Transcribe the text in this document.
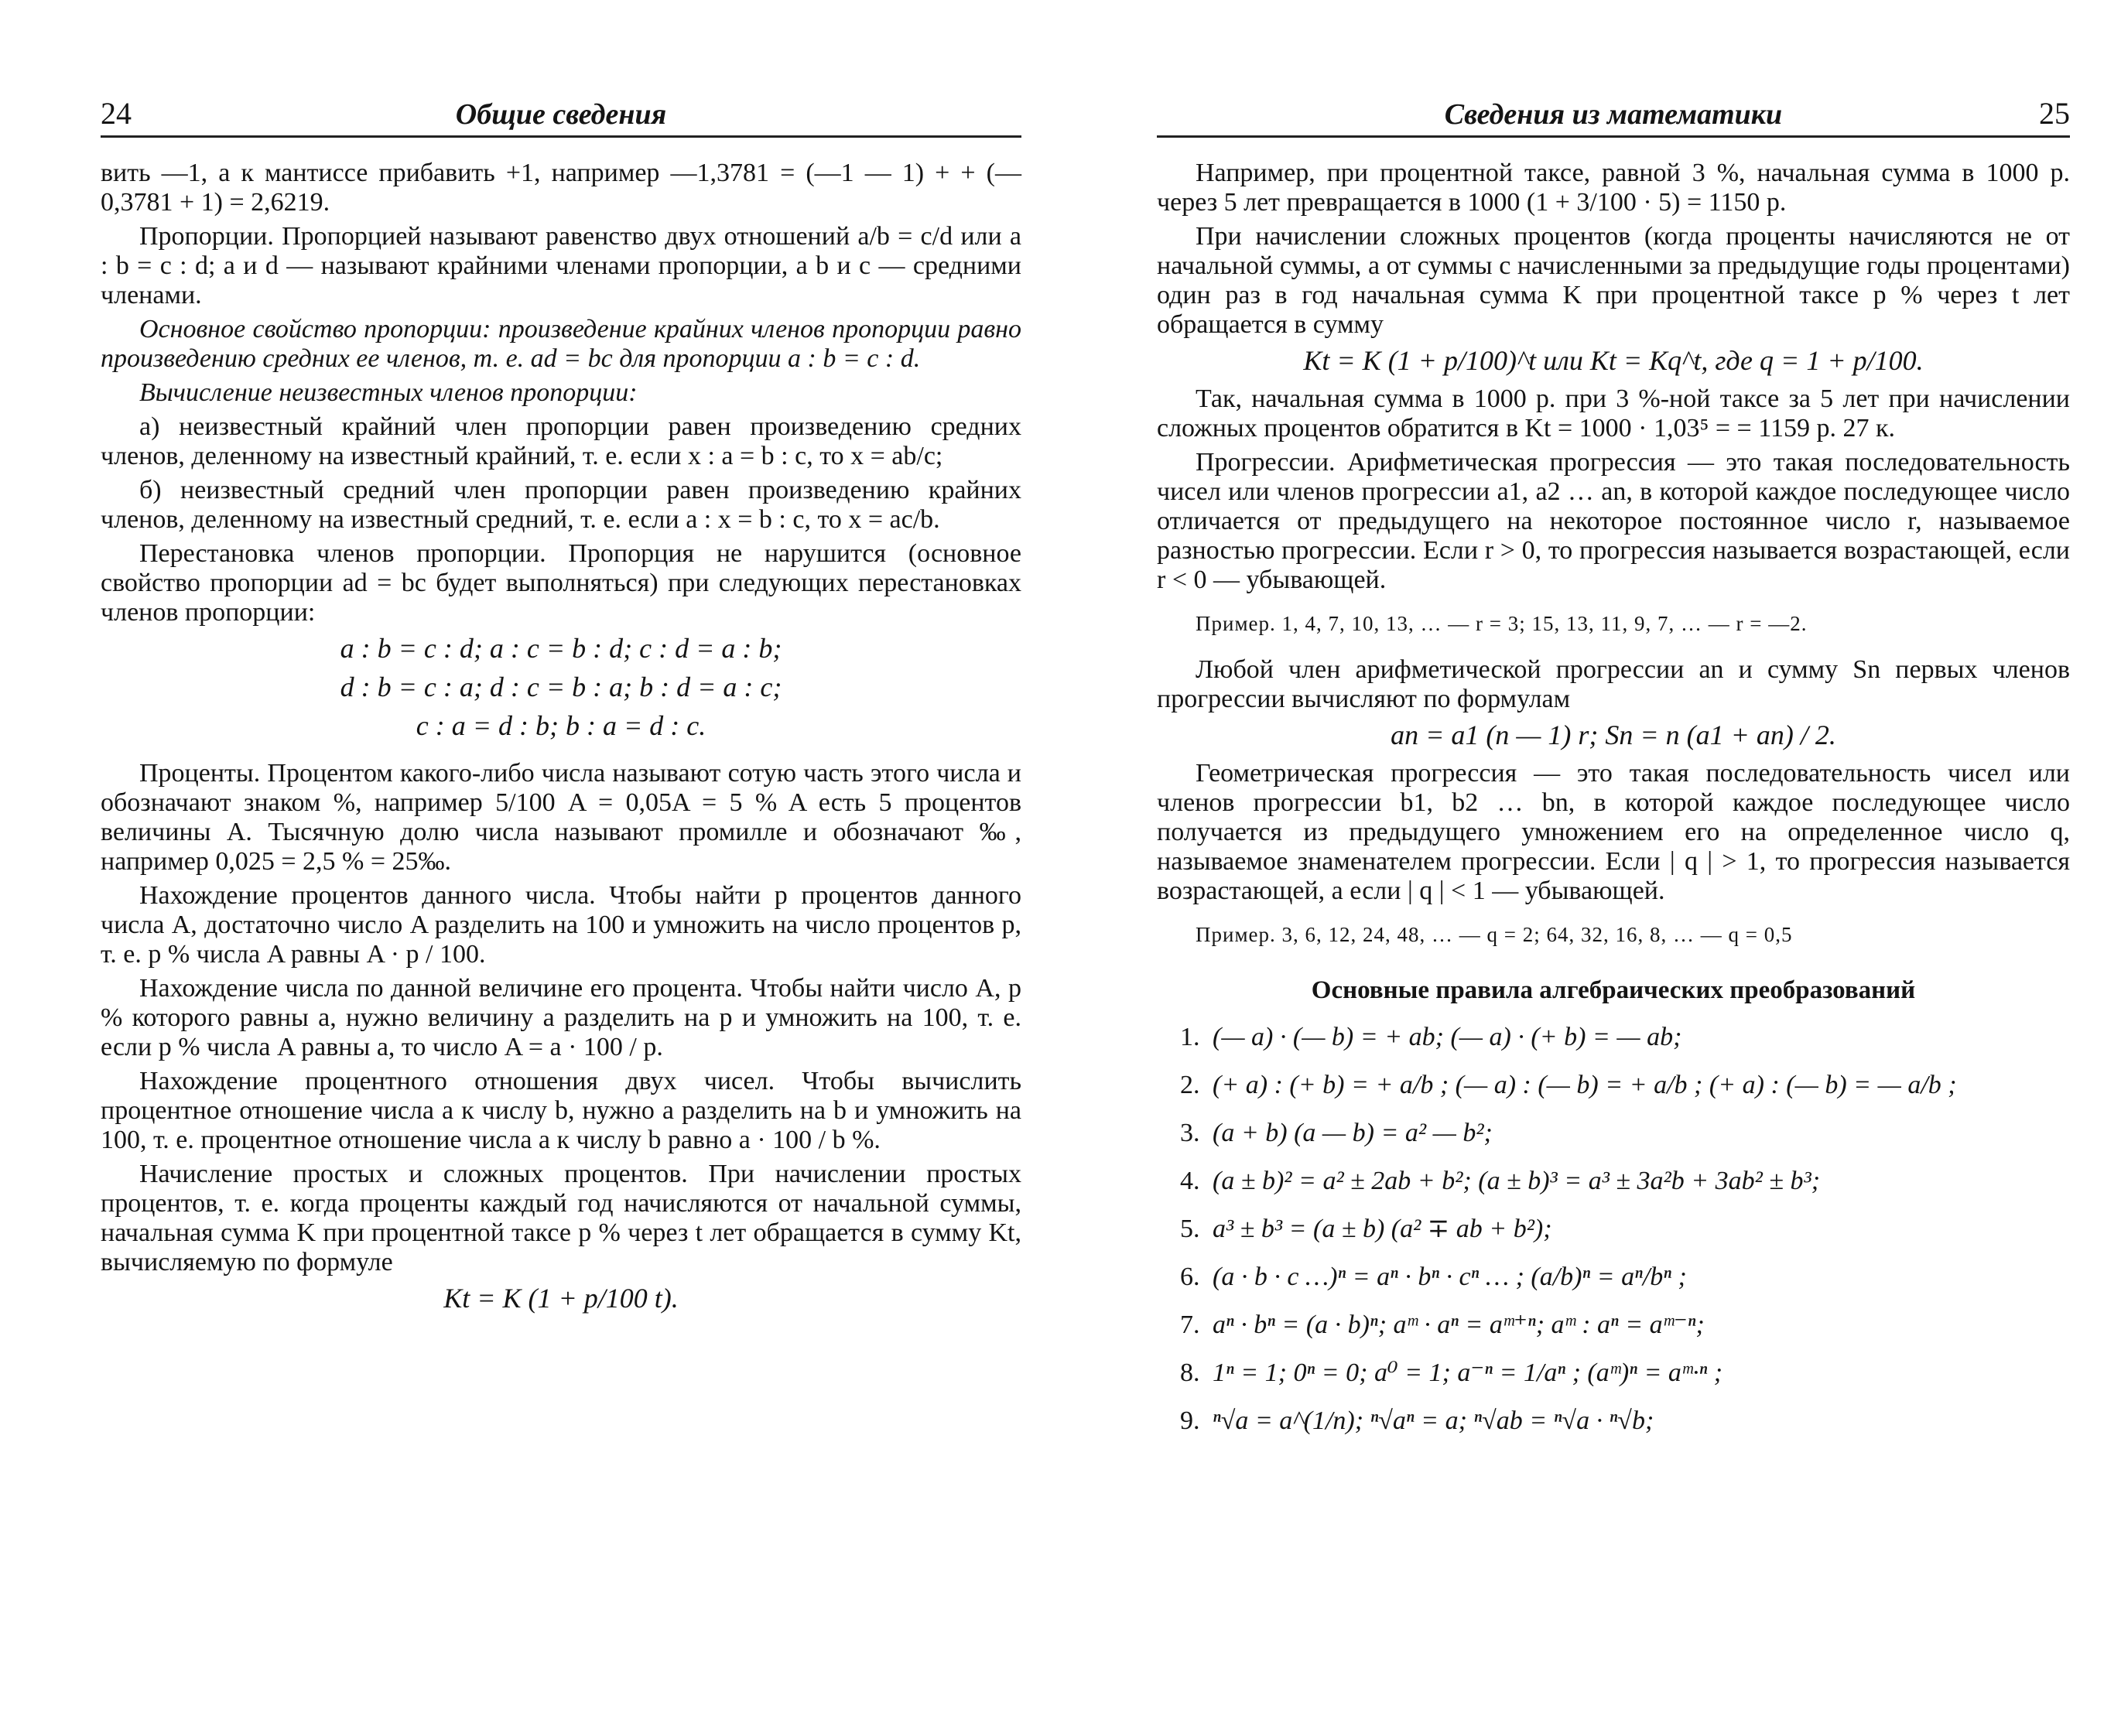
24	Общие сведения

вить —1, а к мантиссе прибавить +1, например —1,3781 = (—1 — 1) + + (—0,3781 + 1) = 2,6219.

Пропорции. Пропорцией называют равенство двух отношений a/b = c/d или a : b = c : d; a и d — называют крайними членами пропорции, a b и c — средними членами.

Основное свойство пропорции: произведение крайних членов пропорции равно произведению средних ее членов, т. е. ad = bc для пропорции a : b = c : d.

Вычисление неизвестных членов пропорции:

а) неизвестный крайний член пропорции равен произведению средних членов, деленному на известный крайний, т. е. если x : a = b : c, то x = ab/c;

б) неизвестный средний член пропорции равен произведению крайних членов, деленному на известный средний, т. е. если a : x = b : c, то x = ac/b.

Перестановка членов пропорции. Пропорция не нарушится (основное свойство пропорции ad = bc будет выполняться) при следующих перестановках членов пропорции:

a : b = c : d; a : c = b : d; c : d = a : b;
d : b = c : a; d : c = b : a; b : d = a : c;
c : a = d : b; b : a = d : c.

Проценты. Процентом какого-либо числа называют сотую часть этого числа и обозначают знаком %, например 5/100 A = 0,05A = 5 % A есть 5 процентов величины A. Тысячную долю числа называют промилле и обозначают ‰, например 0,025 = 2,5 % = 25‰.

Нахождение процентов данного числа. Чтобы найти p процентов данного числа A, достаточно число A разделить на 100 и умножить на число процентов p, т. е. p % числа A равны A · p / 100.

Нахождение числа по данной величине его процента. Чтобы найти число A, p % которого равны a, нужно величину a разделить на p и умножить на 100, т. е. если p % числа A равны a, то число A = a · 100 / p.

Нахождение процентного отношения двух чисел. Чтобы вычислить процентное отношение числа a к числу b, нужно a разделить на b и умножить на 100, т. е. процентное отношение числа a к числу b равно a · 100 / b %.

Начисление простых и сложных процентов. При начислении простых процентов, т. е. когда проценты каждый год начисляются от начальной суммы, начальная сумма K при процентной таксе p % через t лет обращается в сумму Kt, вычисляемую по формуле

Kt = K (1 + p/100 t).
Сведения из математики	25

Например, при процентной таксе, равной 3 %, начальная сумма в 1000 р. через 5 лет превращается в 1000 (1 + 3/100 · 5) = 1150 р.

При начислении сложных процентов (когда проценты начисляются не от начальной суммы, а от суммы с начисленными за предыдущие годы процентами) один раз в год начальная сумма K при процентной таксе p % через t лет обращается в сумму

Kt = K (1 + p/100)^t или Kt = Kq^t, где q = 1 + p/100.

Так, начальная сумма в 1000 р. при 3 %-ной таксе за 5 лет при начислении сложных процентов обратится в Kt = 1000 · 1,03⁵ = = 1159 р. 27 к.

Прогрессии. Арифметическая прогрессия — это такая последовательность чисел или членов прогрессии a1, a2 … an, в которой каждое последующее число отличается от предыдущего на некоторое постоянное число r, называемое разностью прогрессии. Если r > 0, то прогрессия называется возрастающей, если r < 0 — убывающей.

Пример. 1, 4, 7, 10, 13, … — r = 3; 15, 13, 11, 9, 7, … — r = —2.

Любой член арифметической прогрессии an и сумму Sn первых членов прогрессии вычисляют по формулам

an = a1 (n — 1) r; Sn = n (a1 + an) / 2.

Геометрическая прогрессия — это такая последовательность чисел или членов прогрессии b1, b2 … bn, в которой каждое последующее число получается из предыдущего умножением его на определенное число q, называемое знаменателем прогрессии. Если | q | > 1, то прогрессия называется возрастающей, а если | q | < 1 — убывающей.

Пример. 3, 6, 12, 24, 48, … — q = 2; 64, 32, 16, 8, … — q = 0,5
Основные правила алгебраических преобразований
1. (— a) · (— b) = + ab; (— a) · (+ b) = — ab;
2. (+ a) : (+ b) = + a/b ; (— a) : (— b) = + a/b ; (+ a) : (— b) = — a/b ;
3. (a + b) (a — b) = a² — b²;
4. (a ± b)² = a² ± 2ab + b²; (a ± b)³ = a³ ± 3a²b + 3ab² ± b³;
5. a³ ± b³ = (a ± b) (a² ∓ ab + b²);
6. (a · b · c …)ⁿ = aⁿ · bⁿ · cⁿ … ; (a/b)ⁿ = aⁿ/bⁿ ;
7. aⁿ · bⁿ = (a · b)ⁿ; aᵐ · aⁿ = aᵐ⁺ⁿ; aᵐ : aⁿ = aᵐ⁻ⁿ;
8. 1ⁿ = 1; 0ⁿ = 0; a⁰ = 1; a⁻ⁿ = 1/aⁿ ; (aᵐ)ⁿ = aᵐ·ⁿ ;
9. ⁿ√a = a^(1/n); ⁿ√aⁿ = a; ⁿ√ab = ⁿ√a · ⁿ√b;
